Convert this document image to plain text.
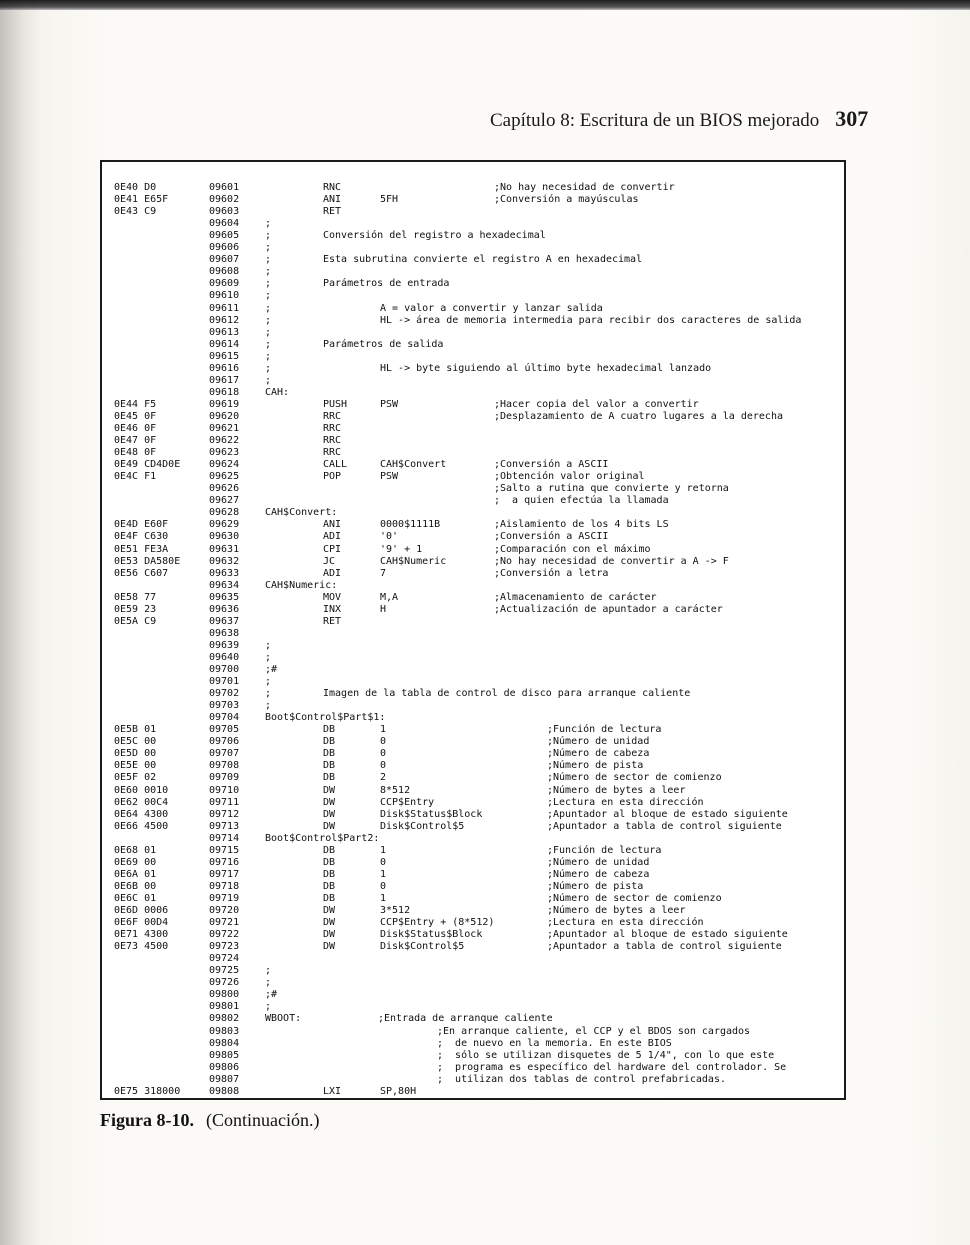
Capítulo 8: Escritura de un BIOS mejorado 307
0E40 D0	09601	RNC	;No hay necesidad de convertir
0E41 E65F	09602	ANI	5FH	;Conversión a mayúsculas
0E43 C9	09603	RET
09604	;
09605	;	Conversión del registro a hexadecimal
09606	;
09607	;	Esta subrutina convierte el registro A en hexadecimal
09608	;
09609	;	Parámetros de entrada
09610	;
09611	;	A = valor a convertir y lanzar salida
09612	;	HL -> área de memoria intermedia para recibir dos caracteres de salida
09613	;
09614	;	Parámetros de salida
09615	;
09616	;	HL -> byte siguiendo al último byte hexadecimal lanzado
09617	;
09618	CAH:
0E44 F5	09619	PUSH	PSW	;Hacer copia del valor a convertir
0E45 0F	09620	RRC	;Desplazamiento de A cuatro lugares a la derecha
0E46 0F	09621	RRC
0E47 0F	09622	RRC
0E48 0F	09623	RRC
0E49 CD4D0E	09624	CALL	CAH$Convert	;Conversión a ASCII
0E4C F1	09625	POP	PSW	;Obtención valor original
09626	;Salto a rutina que convierte y retorna
09627	;  a quien efectúa la llamada
09628	CAH$Convert:
0E4D E60F	09629	ANI	0000$1111B	;Aislamiento de los 4 bits LS
0E4F C630	09630	ADI	'0'	;Conversión a ASCII
0E51 FE3A	09631	CPI	'9' + 1	;Comparación con el máximo
0E53 DA580E	09632	JC	CAH$Numeric	;No hay necesidad de convertir a A -> F
0E56 C607	09633	ADI	7	;Conversión a letra
09634	CAH$Numeric:
0E58 77	09635	MOV	M,A	;Almacenamiento de carácter
0E59 23	09636	INX	H	;Actualización de apuntador a carácter
0E5A C9	09637	RET
09638
09639	;
09640	;
09700	;#
09701	;
09702	;	Imagen de la tabla de control de disco para arranque caliente
09703	;
09704	Boot$Control$Part$1:
0E5B 01	09705	DB	1	;Función de lectura
0E5C 00	09706	DB	0	;Número de unidad
0E5D 00	09707	DB	0	;Número de cabeza
0E5E 00	09708	DB	0	;Número de pista
0E5F 02	09709	DB	2	;Número de sector de comienzo
0E60 0010	09710	DW	8*512	;Número de bytes a leer
0E62 00C4	09711	DW	CCP$Entry	;Lectura en esta dirección
0E64 4300	09712	DW	Disk$Status$Block	;Apuntador al bloque de estado siguiente
0E66 4500	09713	DW	Disk$Control$5	;Apuntador a tabla de control siguiente
09714	Boot$Control$Part2:
0E68 01	09715	DB	1	;Función de lectura
0E69 00	09716	DB	0	;Número de unidad
0E6A 01	09717	DB	1	;Número de cabeza
0E6B 00	09718	DB	0	;Número de pista
0E6C 01	09719	DB	1	;Número de sector de comienzo
0E6D 0006	09720	DW	3*512	;Número de bytes a leer
0E6F 00D4	09721	DW	CCP$Entry + (8*512)	;Lectura en esta dirección
0E71 4300	09722	DW	Disk$Status$Block	;Apuntador al bloque de estado siguiente
0E73 4500	09723	DW	Disk$Control$5	;Apuntador a tabla de control siguiente
09724
09725	;
09726	;
09800	;#
09801	;
09802	WBOOT:	;Entrada de arranque caliente
09803	;En arranque caliente, el CCP y el BDOS son cargados
09804	;  de nuevo en la memoria. En este BIOS
09805	;  sólo se utilizan disquetes de 5 1/4", con lo que este
09806	;  programa es específico del hardware del controlador. Se
09807	;  utilizan dos tablas de control prefabricadas.
0E75 318000	09808	LXI	SP,80H
Figura 8-10. (Continuación.)
